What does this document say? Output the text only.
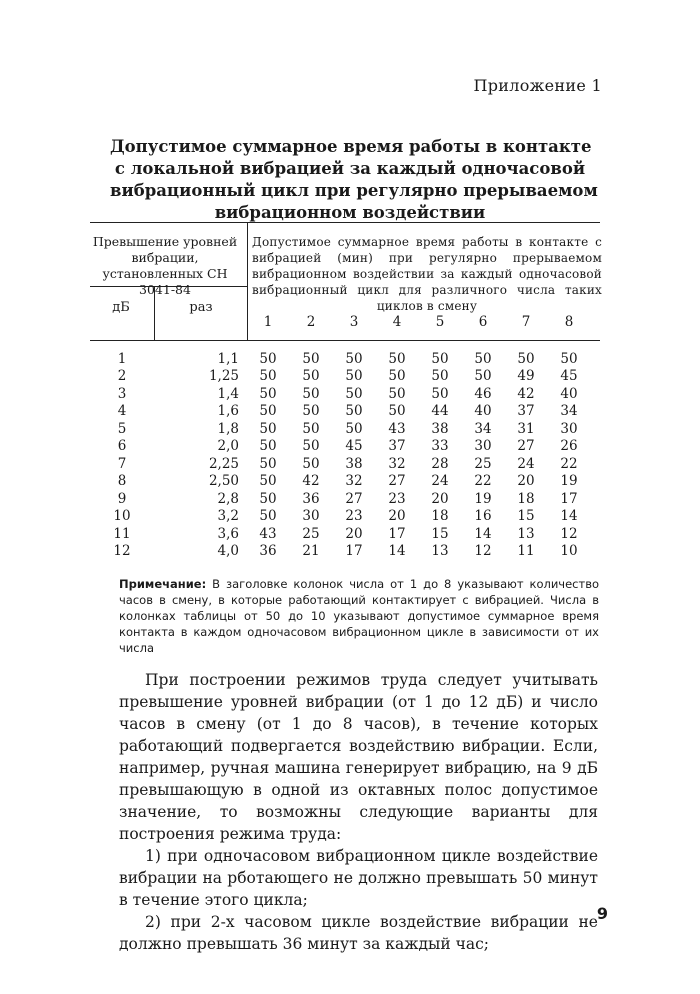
Приложение 1
Допустимое суммарное время работы в контакте
с локальной вибрацией за каждый одночасовой
вибрационный цикл при регулярно прерываемом
вибрационном воздействии
Превышение уровней вибрации, установленных СН 3041-84
Допустимое суммарное время работы в контакте с вибрацией (мин) при регулярно прерываемом вибрационном воздействии за каждый одночасовой вибрационный цикл для различного числа таких циклов в смену
дБ	раз
1	2	3	4	5	6	7	8
1	1,1	50	50	50	50	50	50	50	50
2	1,25	50	50	50	50	50	50	49	45
3	1,4	50	50	50	50	50	46	42	40
4	1,6	50	50	50	50	44	40	37	34
5	1,8	50	50	50	43	38	34	31	30
6	2,0	50	50	45	37	33	30	27	26
7	2,25	50	50	38	32	28	25	24	22
8	2,50	50	42	32	27	24	22	20	19
9	2,8	50	36	27	23	20	19	18	17
10	3,2	50	30	23	20	18	16	15	14
11	3,6	43	25	20	17	15	14	13	12
12	4,0	36	21	17	14	13	12	11	10
Примечание: В заголовке колонок числа от 1 до 8 указывают количество часов в смену, в которые работающий контактирует с вибрацией. Числа в колонках таблицы от 50 до 10 указывают допустимое суммарное время контакта в каждом одночасовом вибрационном цикле в зависимости от их числа

При построении режимов труда следует учитывать превышение уровней вибрации (от 1 до 12 дБ) и число часов в смену (от 1 до 8 часов), в течение которых работающий подвергается воздействию вибрации. Если, например, ручная машина генерирует вибрацию, на 9 дБ превышающую в одной из октавных полос допустимое значение, то возможны следующие варианты для построения режима труда:

1) при одночасовом вибрационном цикле воздействие вибрации на рботающего не должно превышать 50 минут в течение этого цикла;

2) при 2-х часовом цикле воздействие вибрации не должно превышать 36 минут за каждый час;

9
